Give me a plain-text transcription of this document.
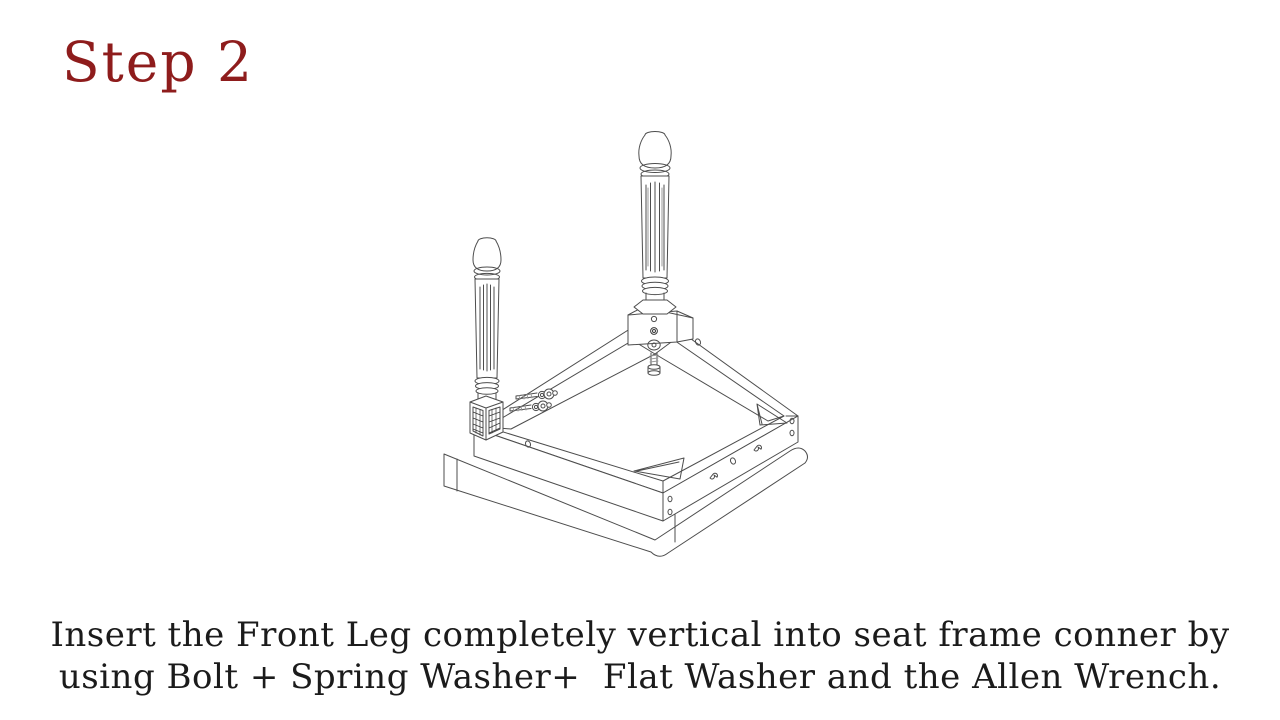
Step 2
Insert the Front Leg completely vertical into seat frame conner by
using Bolt + Spring Washer+  Flat Washer and the Allen Wrench.
